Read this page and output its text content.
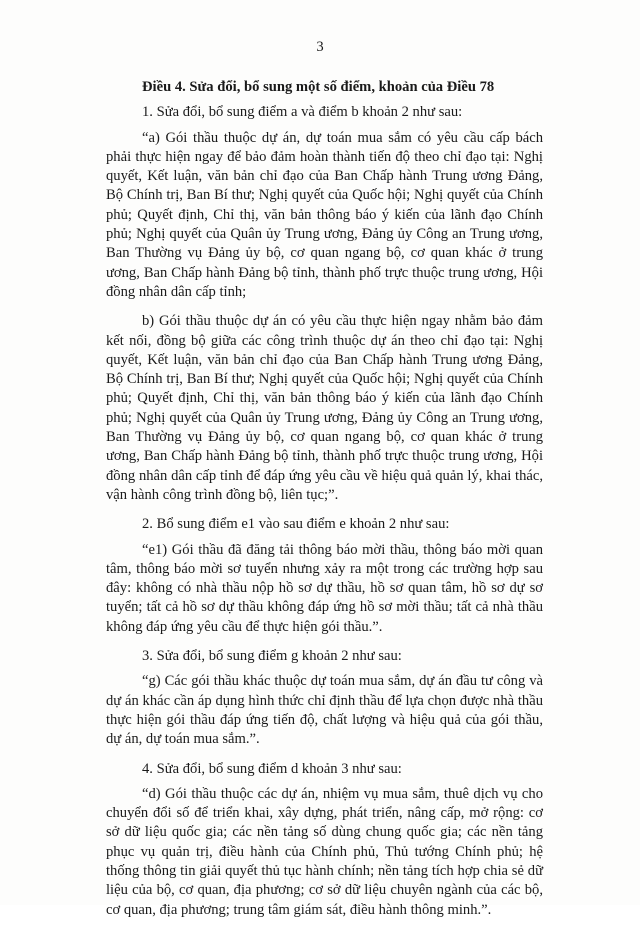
3
Điều 4. Sửa đổi, bổ sung một số điểm, khoản của Điều 78

1. Sửa đổi, bổ sung điểm a và điểm b khoản 2 như sau:

“a) Gói thầu thuộc dự án, dự toán mua sắm có yêu cầu cấp bách phải thực hiện ngay để bảo đảm hoàn thành tiến độ theo chỉ đạo tại: Nghị quyết, Kết luận, văn bản chỉ đạo của Ban Chấp hành Trung ương Đảng, Bộ Chính trị, Ban Bí thư; Nghị quyết của Quốc hội; Nghị quyết của Chính phủ; Quyết định, Chỉ thị, văn bản thông báo ý kiến của lãnh đạo Chính phủ; Nghị quyết của Quân ủy Trung ương, Đảng ủy Công an Trung ương, Ban Thường vụ Đảng ủy bộ, cơ quan ngang bộ, cơ quan khác ở trung ương, Ban Chấp hành Đảng bộ tỉnh, thành phố trực thuộc trung ương, Hội đồng nhân dân cấp tỉnh;

b) Gói thầu thuộc dự án có yêu cầu thực hiện ngay nhằm bảo đảm kết nối, đồng bộ giữa các công trình thuộc dự án theo chỉ đạo tại: Nghị quyết, Kết luận, văn bản chỉ đạo của Ban Chấp hành Trung ương Đảng, Bộ Chính trị, Ban Bí thư; Nghị quyết của Quốc hội; Nghị quyết của Chính phủ; Quyết định, Chỉ thị, văn bản thông báo ý kiến của lãnh đạo Chính phủ; Nghị quyết của Quân ủy Trung ương, Đảng ủy Công an Trung ương, Ban Thường vụ Đảng ủy bộ, cơ quan ngang bộ, cơ quan khác ở trung ương, Ban Chấp hành Đảng bộ tỉnh, thành phố trực thuộc trung ương, Hội đồng nhân dân cấp tỉnh để đáp ứng yêu cầu về hiệu quả quản lý, khai thác, vận hành công trình đồng bộ, liên tục;”.

2. Bổ sung điểm e1 vào sau điểm e khoản 2 như sau:

“e1) Gói thầu đã đăng tải thông báo mời thầu, thông báo mời quan tâm, thông báo mời sơ tuyển nhưng xảy ra một trong các trường hợp sau đây: không có nhà thầu nộp hồ sơ dự thầu, hồ sơ quan tâm, hồ sơ dự sơ tuyển; tất cả hồ sơ dự thầu không đáp ứng hồ sơ mời thầu; tất cả nhà thầu không đáp ứng yêu cầu để thực hiện gói thầu.”.

3. Sửa đổi, bổ sung điểm g khoản 2 như sau:

“g) Các gói thầu khác thuộc dự toán mua sắm, dự án đầu tư công và dự án khác cần áp dụng hình thức chỉ định thầu để lựa chọn được nhà thầu thực hiện gói thầu đáp ứng tiến độ, chất lượng và hiệu quả của gói thầu, dự án, dự toán mua sắm.”.

4. Sửa đổi, bổ sung điểm d khoản 3 như sau:

“d) Gói thầu thuộc các dự án, nhiệm vụ mua sắm, thuê dịch vụ cho chuyển đổi số để triển khai, xây dựng, phát triển, nâng cấp, mở rộng: cơ sở dữ liệu quốc gia; các nền tảng số dùng chung quốc gia; các nền tảng phục vụ quản trị, điều hành của Chính phủ, Thủ tướng Chính phủ; hệ thống thông tin giải quyết thủ tục hành chính; nền tảng tích hợp chia sẻ dữ liệu của bộ, cơ quan, địa phương; cơ sở dữ liệu chuyên ngành của các bộ, cơ quan, địa phương; trung tâm giám sát, điều hành thông minh.”.
